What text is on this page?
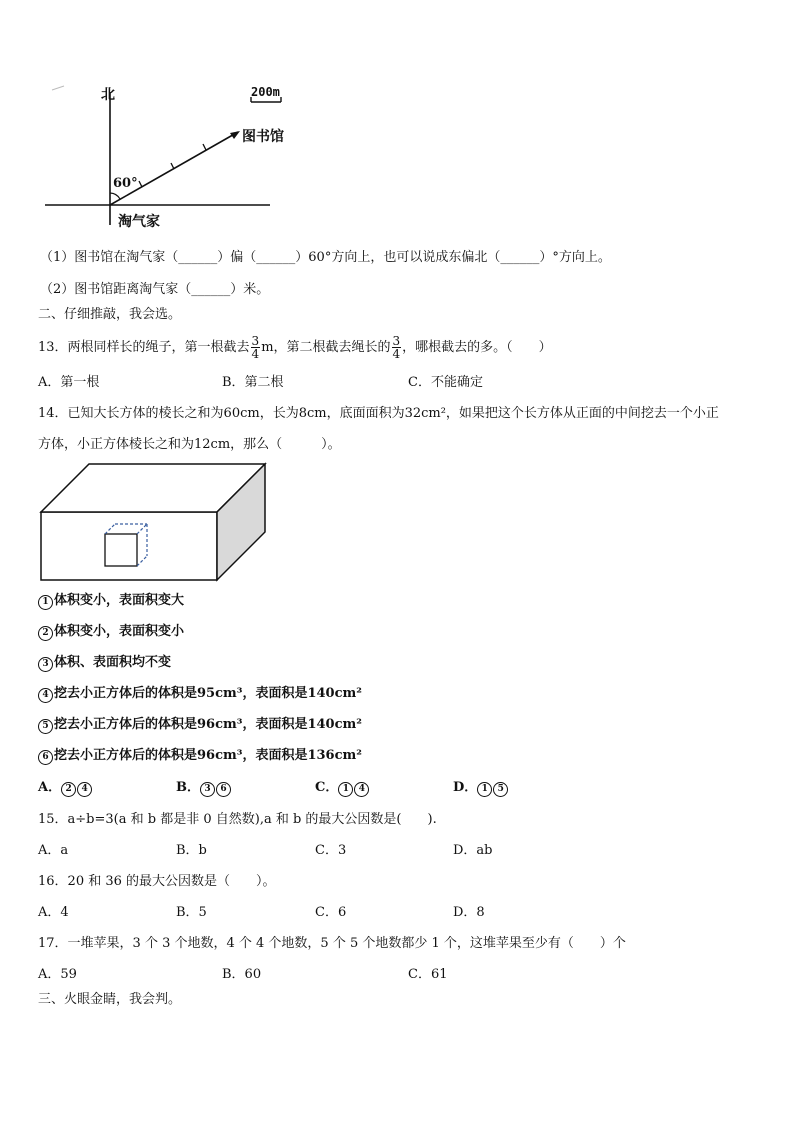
北	200m
图书馆
60°
淘气家
（1）图书馆在淘气家（______）偏（______）60°方向上，也可以说成东偏北（______）°方向上。
（2）图书馆距离淘气家（______）米。
二、仔细推敲，我会选。
13．两根同样长的绳子，第一根截去 $\frac{3}{4}$ m，第二根截去绳长的 $\frac{3}{4}$ ，哪根截去的多。（　　）
A．第一根	B．第二根	C．不能确定
14．已知大长方体的棱长之和为60cm，长为8cm，底面面积为32cm²，如果把这个长方体从正面的中间挖去一个小正
方体，小正方体棱长之和为12cm，那么（　　　）。
1 体积变小，表面积变大
2 体积变小，表面积变小
3 体积、表面积均不变
4 挖去小正方体后的体积是95cm³，表面积是140cm²
5 挖去小正方体后的体积是96cm³，表面积是140cm²
6 挖去小正方体后的体积是96cm³，表面积是136cm²
A． 2 4	B． 3 6	C． 1 4	D． 1 5
15．a÷b=3(a 和 b 都是非 0 自然数),a 和 b 的最大公因数是(　　).
A．a	B．b	C．3	D．ab
16．20 和 36 的最大公因数是（　　）。
A．4	B．5	C．6	D．8
17．一堆苹果，3 个 3 个地数，4 个 4 个地数，5 个 5 个地数都少 1 个，这堆苹果至少有（　　）个
A．59	B．60	C．61
三、火眼金睛，我会判。
